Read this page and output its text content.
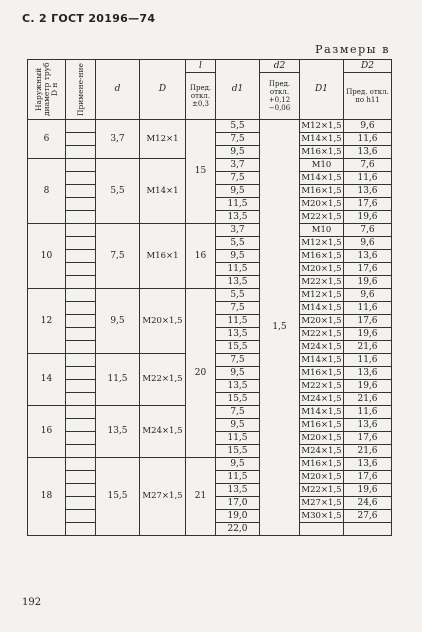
С. 2 ГОСТ 20196—74
Размеры в
Наружный диаметр труб D н	Примене-ние	d	D	l	d1	d2	D1	D2

				Пред. откл. ±0,3		Пред. откл. +0,12 −0,06		Пред. откл. по h11

6		3,7	M12×1	15	5,5	1,5	M12×1,5	9,6
					7,5		M14×1,5	11,6
					9,5		M16×1,5	13,6
8		5,5	M14×1		3,7		M10	7,6
					7,5		M14×1,5	11,6
					9,5		M16×1,5	13,6
					11,5		M20×1,5	17,6
					13,5		M22×1,5	19,6
10		7,5	M16×1	16	3,7		M10	7,6
					5,5		M12×1,5	9,6
					9,5		M16×1,5	13,6
					11,5		M20×1,5	17,6
					13,5		M22×1,5	19,6
12		9,5	M20×1,5	20	5,5		M12×1,5	9,6
					7,5		M14×1,5	11,6
					11,5		M20×1,5	17,6
					13,5		M22×1,5	19,6
					15,5		M24×1,5	21,6
14		11,5	M22×1,5		7,5		M14×1,5	11,6
					9,5		M16×1,5	13,6
					13,5		M22×1,5	19,6
					15,5		M24×1,5	21,6
16		13,5	M24×1,5		7,5		M14×1,5	11,6
					9,5		M16×1,5	13,6
					11,5		M20×1,5	17,6
					15,5		M24×1,5	21,6
18		15,5	M27×1,5	21	9,5		M16×1,5	13,6
					11,5		M20×1,5	17,6
					13,5		M22×1,5	19,6
					17,0		M27×1,5	24,6
					19,0		M30×1,5	27,6
					22,0			
192
